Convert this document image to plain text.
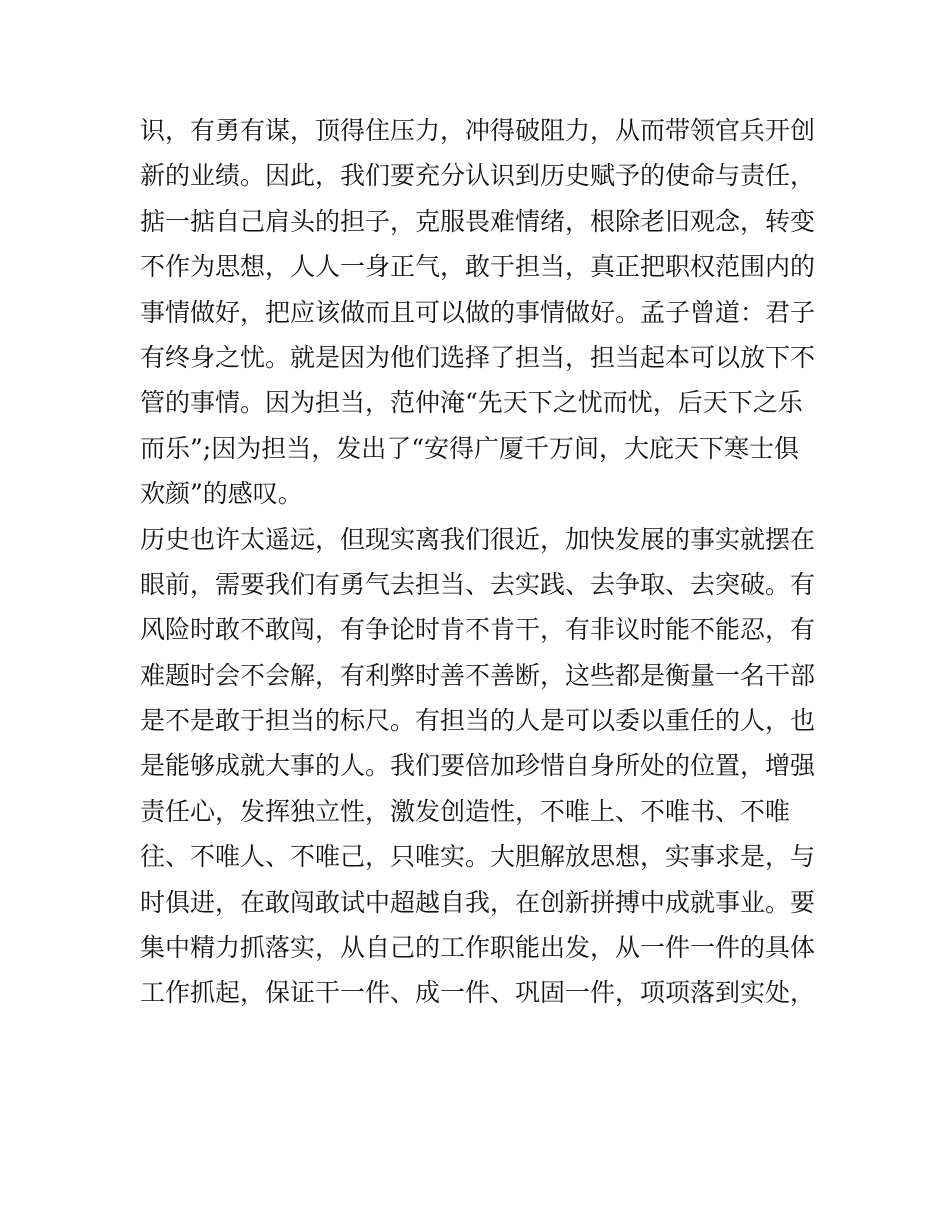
识，有勇有谋，顶得住压力，冲得破阻力，从而带领官兵开创
新的业绩。因此，我们要充分认识到历史赋予的使命与责任，
掂一掂自己肩头的担子，克服畏难情绪，根除老旧观念，转变
不作为思想，人人一身正气，敢于担当，真正把职权范围内的
事情做好，把应该做而且可以做的事情做好。孟子曾道：君子
有终身之忧。就是因为他们选择了担当，担当起本可以放下不
管的事情。因为担当，范仲淹“先天下之忧而忧，后天下之乐
而乐”;因为担当，发出了“安得广厦千万间，大庇天下寒士俱
欢颜”的感叹。
历史也许太遥远，但现实离我们很近，加快发展的事实就摆在
眼前，需要我们有勇气去担当、去实践、去争取、去突破。有
风险时敢不敢闯，有争论时肯不肯干，有非议时能不能忍，有
难题时会不会解，有利弊时善不善断，这些都是衡量一名干部
是不是敢于担当的标尺。有担当的人是可以委以重任的人，也
是能够成就大事的人。我们要倍加珍惜自身所处的位置，增强
责任心，发挥独立性，激发创造性，不唯上、不唯书、不唯
往、不唯人、不唯己，只唯实。大胆解放思想，实事求是，与
时俱进，在敢闯敢试中超越自我，在创新拼搏中成就事业。要
集中精力抓落实，从自己的工作职能出发，从一件一件的具体
工作抓起，保证干一件、成一件、巩固一件，项项落到实处，
